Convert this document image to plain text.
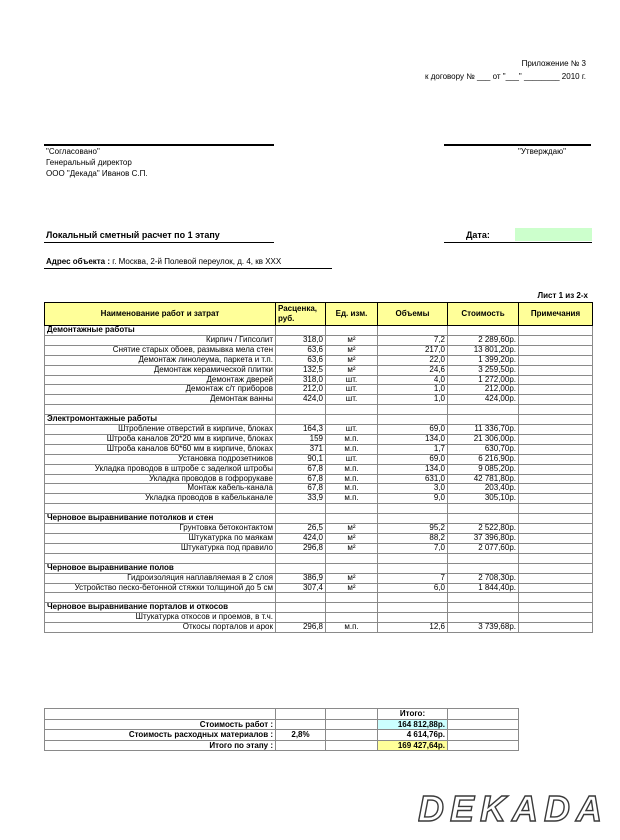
Приложение № 3
к договору № ___ от "___" ________ 2010 г.
"Согласовано"
Генеральный директор
ООО "Декада" Иванов С.П.
"Утверждаю"
Локальный сметный расчет по 1 этапу	Дата:
Адрес объекта : г. Москва, 2-й Полевой переулок, д. 4, кв XXX
Лист 1 из 2-х
Наименование работ и затрат	Расценка, руб.	Ед. изм.	Объемы	Стоимость	Примечания
Демонтажные работы					
Кирпич / Гипсолит	318,0	м²	7,2	2 289,60р.	
Снятие старых обоев, размывка мела стен	63,6	м²	217,0	13 801,20р.	
Демонтаж линолеума, паркета и т.п.	63,6	м²	22,0	1 399,20р.	
Демонтаж керамической плитки	132,5	м²	24,6	3 259,50р.	
Демонтаж дверей	318,0	шт.	4,0	1 272,00р.	
Демонтаж с/т приборов	212,0	шт.	1,0	212,00р.	
Демонтаж ванны	424,0	шт.	1,0	424,00р.	

Электромонтажные работы					
Штробление отверстий в кирпиче, блоках	164,3	шт.	69,0	11 336,70р.	
Штроба каналов 20*20 мм в кирпиче, блоках	159	м.п.	134,0	21 306,00р.	
Штроба каналов 60*60 мм в кирпиче, блоках	371	м.п.	1,7	630,70р.	
Установка подрозетников	90,1	шт.	69,0	6 216,90р.	
Укладка проводов в штробе с заделкой штробы	67,8	м.п.	134,0	9 085,20р.	
Укладка проводов в гофрорукаве	67,8	м.п.	631,0	42 781,80р.	
Монтаж кабель-канала	67,8	м.п.	3,0	203,40р.	
Укладка проводов в кабельканале	33,9	м.п.	9,0	305,10р.	

Черновое выравнивание потолков и стен					
Грунтовка бетоконтактом	26,5	м²	95,2	2 522,80р.	
Штукатурка по маякам	424,0	м²	88,2	37 396,80р.	
Штукатурка под правило	296,8	м²	7,0	2 077,60р.	

Черновое выравнивание полов					
Гидроизоляция наплавляемая в 2 слоя	386,9	м²	7	2 708,30р.	
Устройство песко-бетонной стяжки толщиной до 5 см	307,4	м²	6,0	1 844,40р.	

Черновое выравнивание порталов и откосов					
Штукатурка откосов и проемов, в т.ч.					
Откосы порталов и арок	296,8	м.п.	12,6	3 739,68р.	
			Итого:	
Стоимость работ :			164 812,88р.	
Стоимость расходных материалов :	2,8%		4 614,76р.	
Итого по этапу :			169 427,64р.	
DEKADA
